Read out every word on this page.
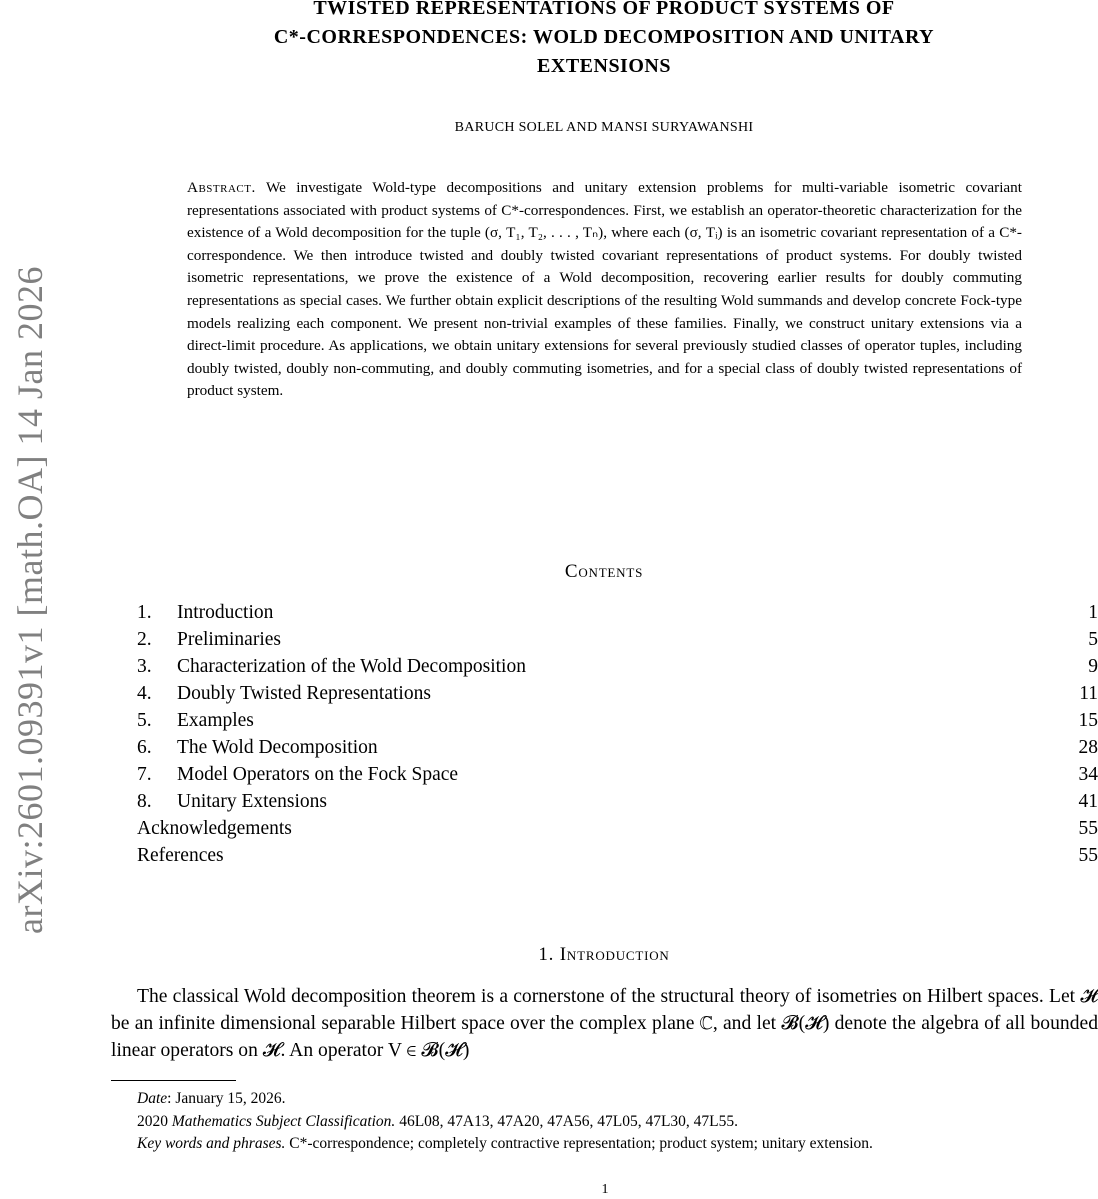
arXiv:2601.09391v1 [math.OA] 14 Jan 2026
TWISTED REPRESENTATIONS OF PRODUCT SYSTEMS OF
C*-CORRESPONDENCES: WOLD DECOMPOSITION AND UNITARY
EXTENSIONS
BARUCH SOLEL AND MANSI SURYAWANSHI
Abstract. We investigate Wold-type decompositions and unitary extension problems for multi-variable isometric covariant representations associated with product systems of C*-correspondences. First, we establish an operator-theoretic characterization for the existence of a Wold decomposition for the tuple (σ, T₁, T₂, . . . , Tₙ), where each (σ, Tᵢ) is an isometric covariant representation of a C*-correspondence. We then introduce twisted and doubly twisted covariant representations of product systems. For doubly twisted isometric representations, we prove the existence of a Wold decomposition, recovering earlier results for doubly commuting representations as special cases. We further obtain explicit descriptions of the resulting Wold summands and develop concrete Fock-type models realizing each component. We present non-trivial examples of these families. Finally, we construct unitary extensions via a direct-limit procedure. As applications, we obtain unitary extensions for several previously studied classes of operator tuples, including doubly twisted, doubly non-commuting, and doubly commuting isometries, and for a special class of doubly twisted representations of product system.
Contents
1.	Introduction	1
2.	Preliminaries	5
3.	Characterization of the Wold Decomposition	9
4.	Doubly Twisted Representations	11
5.	Examples	15
6.	The Wold Decomposition	28
7.	Model Operators on the Fock Space	34
8.	Unitary Extensions	41
Acknowledgements	55
References	55
1. Introduction
The classical Wold decomposition theorem is a cornerstone of the structural theory of isometries on Hilbert spaces. Let 𝓗 be an infinite dimensional separable Hilbert space over the complex plane ℂ, and let 𝓑(𝓗) denote the algebra of all bounded linear operators on 𝓗. An operator V ∈ 𝓑(𝓗)
Date: January 15, 2026.
2020 Mathematics Subject Classification. 46L08, 47A13, 47A20, 47A56, 47L05, 47L30, 47L55.
Key words and phrases. C*-correspondence; completely contractive representation; product system; unitary extension.
1
